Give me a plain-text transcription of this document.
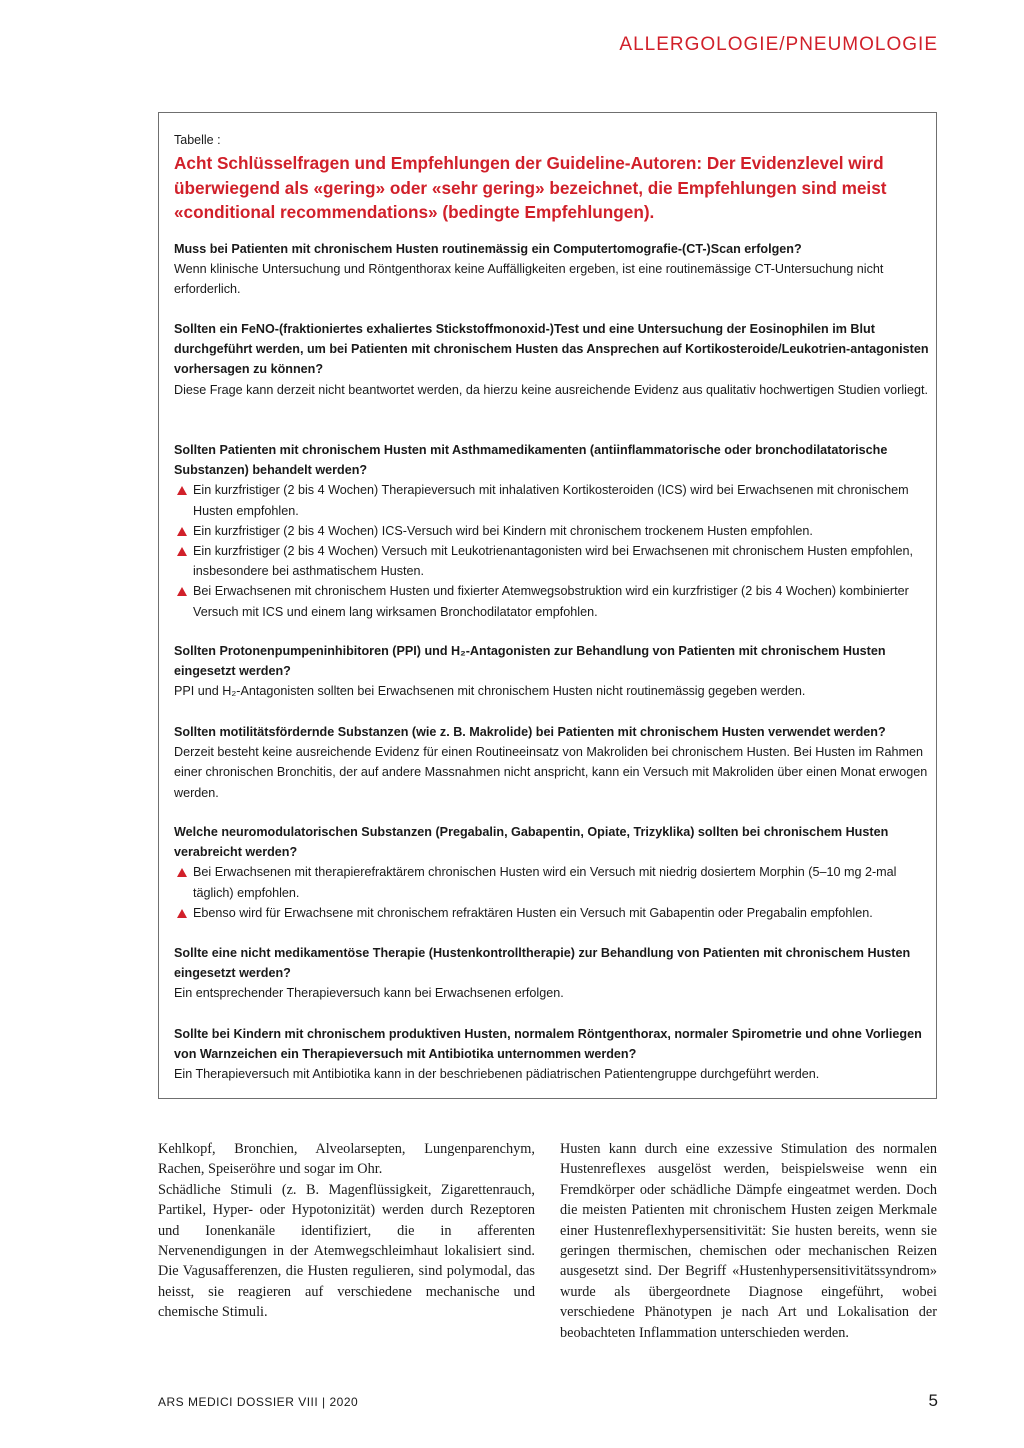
ALLERGOLOGIE/PNEUMOLOGIE
Tabelle :
Acht Schlüsselfragen und Empfehlungen der Guideline-Autoren: Der Evidenzlevel wird überwiegend als «gering» oder «sehr gering» bezeichnet, die Empfehlungen sind meist «conditional recommendations» (bedingte Empfehlungen).
Muss bei Patienten mit chronischem Husten routinemässig ein Computertomografie-(CT-)Scan erfolgen?
Wenn klinische Untersuchung und Röntgenthorax keine Auffälligkeiten ergeben, ist eine routinemässige CT-Untersuchung nicht erforderlich.
Sollten ein FeNO-(fraktioniertes exhaliertes Stickstoffmonoxid-)Test und eine Untersuchung der Eosinophilen im Blut durchgeführt werden, um bei Patienten mit chronischem Husten das Ansprechen auf Kortikosteroide/Leukotrien-antagonisten vorhersagen zu können?
Diese Frage kann derzeit nicht beantwortet werden, da hierzu keine ausreichende Evidenz aus qualitativ hochwertigen Studien vorliegt.
Sollten Patienten mit chronischem Husten mit Asthmamedikamenten (antiinflammatorische oder bronchodilatatorische Substanzen) behandelt werden?
Ein kurzfristiger (2 bis 4 Wochen) Therapieversuch mit inhalativen Kortikosteroiden (ICS) wird bei Erwachsenen mit chronischem Husten empfohlen.
Ein kurzfristiger (2 bis 4 Wochen) ICS-Versuch wird bei Kindern mit chronischem trockenem Husten empfohlen.
Ein kurzfristiger (2 bis 4 Wochen) Versuch mit Leukotrienantagonisten wird bei Erwachsenen mit chronischem Husten empfohlen, insbesondere bei asthmatischem Husten.
Bei Erwachsenen mit chronischem Husten und fixierter Atemwegsobstruktion wird ein kurzfristiger (2 bis 4 Wochen) kombinierter Versuch mit ICS und einem lang wirksamen Bronchodilatator empfohlen.
Sollten Protonenpumpeninhibitoren (PPI) und H₂-Antagonisten zur Behandlung von Patienten mit chronischem Husten eingesetzt werden?
PPI und H₂-Antagonisten sollten bei Erwachsenen mit chronischem Husten nicht routinemässig gegeben werden.
Sollten motilitätsfördernde Substanzen (wie z. B. Makrolide) bei Patienten mit chronischem Husten verwendet werden?
Derzeit besteht keine ausreichende Evidenz für einen Routineeinsatz von Makroliden bei chronischem Husten. Bei Husten im Rahmen einer chronischen Bronchitis, der auf andere Massnahmen nicht anspricht, kann ein Versuch mit Makroliden über einen Monat erwogen werden.
Welche neuromodulatorischen Substanzen (Pregabalin, Gabapentin, Opiate, Trizyklika) sollten bei chronischem Husten verabreicht werden?
Bei Erwachsenen mit therapierefraktärem chronischen Husten wird ein Versuch mit niedrig dosiertem Morphin (5–10 mg 2-mal täglich) empfohlen.
Ebenso wird für Erwachsene mit chronischem refraktären Husten ein Versuch mit Gabapentin oder Pregabalin empfohlen.
Sollte eine nicht medikamentöse Therapie (Hustenkontrolltherapie) zur Behandlung von Patienten mit chronischem Husten eingesetzt werden?
Ein entsprechender Therapieversuch kann bei Erwachsenen erfolgen.
Sollte bei Kindern mit chronischem produktiven Husten, normalem Röntgenthorax, normaler Spirometrie und ohne Vorliegen von Warnzeichen ein Therapieversuch mit Antibiotika unternommen werden?
Ein Therapieversuch mit Antibiotika kann in der beschriebenen pädiatrischen Patientengruppe durchgeführt werden.

Kehlkopf, Bronchien, Alveolarsepten, Lungenparenchym, Rachen, Speiseröhre und sogar im Ohr.

Schädliche Stimuli (z. B. Magenflüssigkeit, Zigarettenrauch, Partikel, Hyper- oder Hypotonizität) werden durch Rezeptoren und Ionenkanäle identifiziert, die in afferenten Nervenendigungen in der Atemwegschleimhaut lokalisiert sind. Die Vagusafferenzen, die Husten regulieren, sind polymodal, das heisst, sie reagieren auf verschiedene mechanische und chemische Stimuli.

Husten kann durch eine exzessive Stimulation des normalen Hustenreflexes ausgelöst werden, beispielsweise wenn ein Fremdkörper oder schädliche Dämpfe eingeatmet werden. Doch die meisten Patienten mit chronischem Husten zeigen Merkmale einer Hustenreflexhypersensitivität: Sie husten bereits, wenn sie geringen thermischen, chemischen oder mechanischen Reizen ausgesetzt sind. Der Begriff «Hustenhypersensitivitätssyndrom» wurde als übergeordnete Diagnose eingeführt, wobei verschiedene Phänotypen je nach Art und Lokalisation der beobachteten Inflammation unterschieden werden.

ARS MEDICI DOSSIER VIII | 2020	5
